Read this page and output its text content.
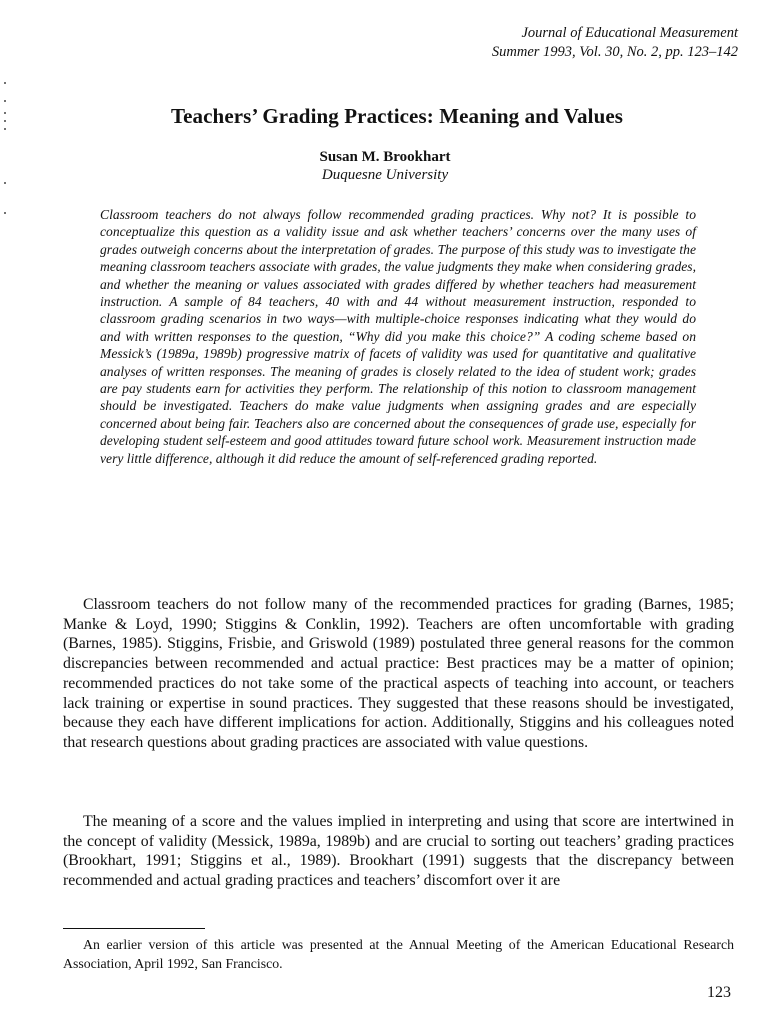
Journal of Educational Measurement
Summer 1993, Vol. 30, No. 2, pp. 123–142
Teachers’ Grading Practices: Meaning and Values
Susan M. Brookhart
Duquesne University

Classroom teachers do not always follow recommended grading practices. Why not? It is possible to conceptualize this question as a validity issue and ask whether teachers’ concerns over the many uses of grades outweigh concerns about the interpretation of grades. The purpose of this study was to investigate the meaning classroom teachers associate with grades, the value judgments they make when considering grades, and whether the meaning or values associated with grades differed by whether teachers had measurement instruction. A sample of 84 teachers, 40 with and 44 without measurement instruction, responded to classroom grading scenarios in two ways—with multiple-choice responses indicating what they would do and with written responses to the question, “Why did you make this choice?” A coding scheme based on Messick’s (1989a, 1989b) progressive matrix of facets of validity was used for quantitative and qualitative analyses of written responses. The meaning of grades is closely related to the idea of student work; grades are pay students earn for activities they perform. The relationship of this notion to classroom management should be investigated. Teachers do make value judgments when assigning grades and are especially concerned about being fair. Teachers also are concerned about the consequences of grade use, especially for developing student self-esteem and good attitudes toward future school work. Measurement instruction made very little difference, although it did reduce the amount of self-referenced grading reported.

Classroom teachers do not follow many of the recommended practices for grading (Barnes, 1985; Manke & Loyd, 1990; Stiggins & Conklin, 1992). Teachers are often uncomfortable with grading (Barnes, 1985). Stiggins, Frisbie, and Griswold (1989) postulated three general reasons for the common discrepancies between recommended and actual practice: Best practices may be a matter of opinion; recommended practices do not take some of the practical aspects of teaching into account, or teachers lack training or expertise in sound practices. They suggested that these reasons should be investigated, because they each have different implications for action. Additionally, Stiggins and his colleagues noted that research questions about grading practices are associated with value questions.

The meaning of a score and the values implied in interpreting and using that score are intertwined in the concept of validity (Messick, 1989a, 1989b) and are crucial to sorting out teachers’ grading practices (Brookhart, 1991; Stiggins et al., 1989). Brookhart (1991) suggests that the discrepancy between recommended and actual grading practices and teachers’ discomfort over it are

An earlier version of this article was presented at the Annual Meeting of the American Educational Research Association, April 1992, San Francisco.

123
